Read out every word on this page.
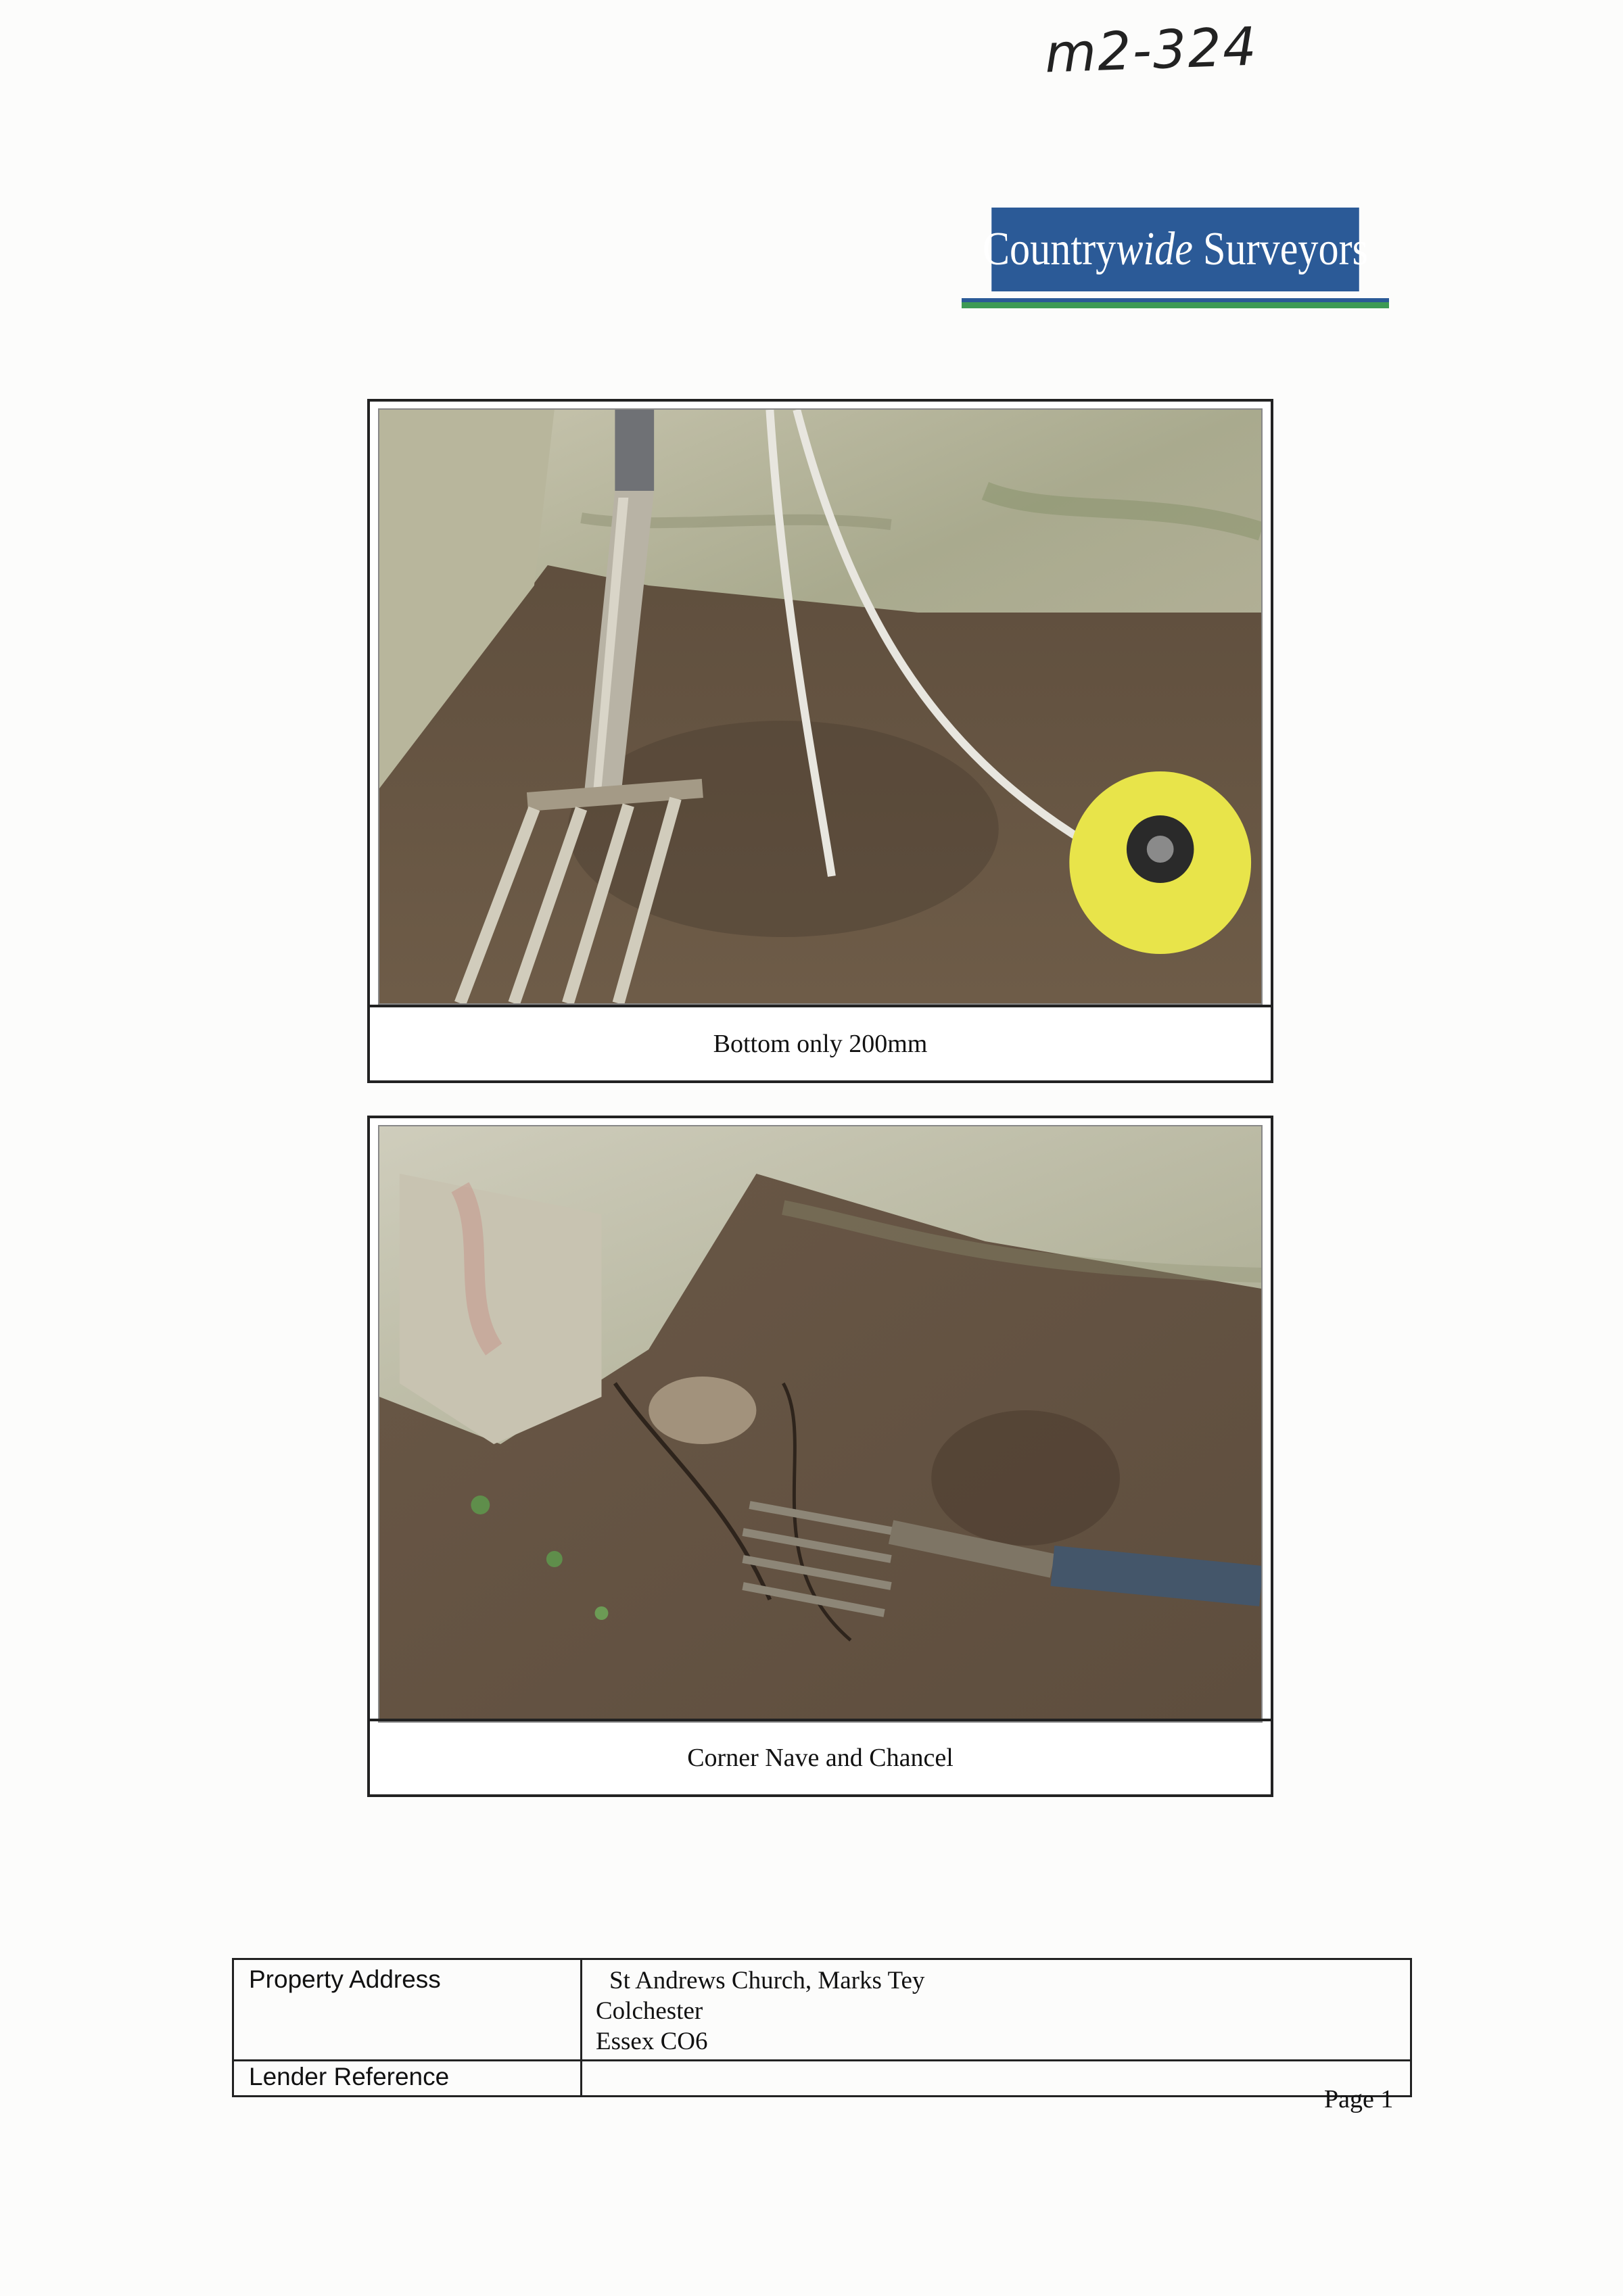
m2-324
Country wide Surveyors
Bottom only 200mm
Corner Nave and Chancel
Property Address	St Andrews Church, Marks Tey
Colchester
Essex CO6

Lender Reference	
Page 1
